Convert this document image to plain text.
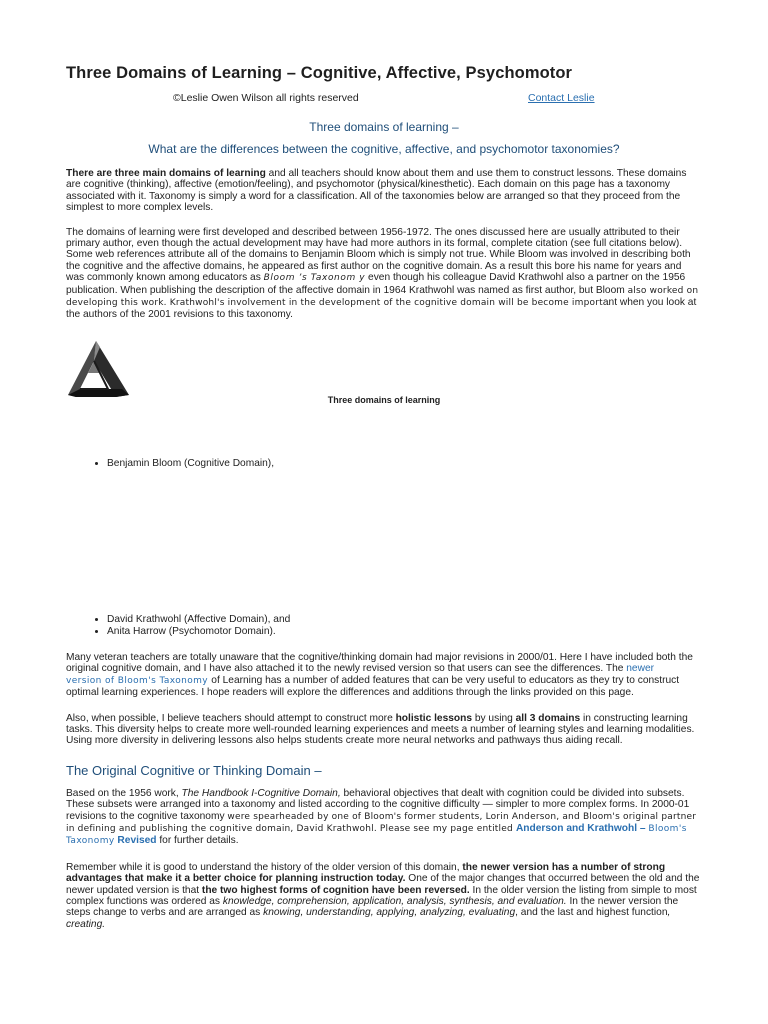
Three Domains of Learning – Cognitive, Affective, Psychomotor
©Leslie Owen Wilson all rights reserved	Contact Leslie
Three domains of learning –
What are the differences between the cognitive, affective, and psychomotor taxonomies?

There are three main domains of learning and all teachers should know about them and use them to construct lessons. These domains are cognitive (thinking), affective (emotion/feeling), and psychomotor (physical/kinesthetic). Each domain on this page has a taxonomy associated with it. Taxonomy is simply a word for a classification. All of the taxonomies below are arranged so that they proceed from the simplest to more complex levels.

The domains of learning were first developed and described between 1956-1972. The ones discussed here are usually attributed to their primary author, even though the actual development may have had more authors in its formal, complete citation (see full citations below). Some web references attribute all of the domains to Benjamin Bloom which is simply not true. While Bloom was involved in describing both the cognitive and the affective domains, he appeared as first author on the cognitive domain. As a result this bore his name for years and was commonly known among educators as Bloom ’s Taxonom y even though his colleague David Krathwohl also a partner on the 1956 publication. When publishing the description of the affective domain in 1964 Krathwohl was named as first author, but Bloom also worked on developing this work. Krathwohl's involvement in the development of the cognitive domain will be become important when you look at the authors of the 2001 revisions to this taxonomy.

Three domains of learning
• Benjamin Bloom (Cognitive Domain),
• David Krathwohl (Affective Domain), and
• Anita Harrow (Psychomotor Domain).

Many veteran teachers are totally unaware that the cognitive/thinking domain had major revisions in 2000/01. Here I have included both the original cognitive domain, and I have also attached it to the newly revised version so that users can see the differences. The newer
version of Bloom's Taxonomy of Learning has a number of added features that can be very useful to educators as they try to construct optimal learning experiences. I hope readers will explore the differences and additions through the links provided on this page.

Also, when possible, I believe teachers should attempt to construct more holistic lessons by using all 3 domains in constructing learning tasks. This diversity helps to create more well-rounded learning experiences and meets a number of learning styles and learning modalities. Using more diversity in delivering lessons also helps students create more neural networks and pathways thus aiding recall.

The Original Cognitive or Thinking Domain –

Based on the 1956 work, The Handbook I-Cognitive Domain, behavioral objectives that dealt with cognition could be divided into subsets. These subsets were arranged into a taxonomy and listed according to the cognitive difficulty — simpler to more complex forms. In 2000-01 revisions to the cognitive taxonomy were spearheaded by one of Bloom's former students, Lorin Anderson, and Bloom's original partner in defining and publishing the cognitive domain, David Krathwohl. Please see my page entitled Anderson and Krathwohl – Bloom's Taxonomy Revised for further details.

Remember while it is good to understand the history of the older version of this domain, the newer version has a number of strong advantages that make it a better choice for planning instruction today. One of the major changes that occurred between the old and the newer updated version is that the two highest forms of cognition have been reversed. In the older version the listing from simple to most complex functions was ordered as knowledge, comprehension, application, analysis, synthesis, and evaluation. In the newer version the steps change to verbs and are arranged as knowing, understanding, applying, analyzing, evaluating, and the last and highest function, creating.
